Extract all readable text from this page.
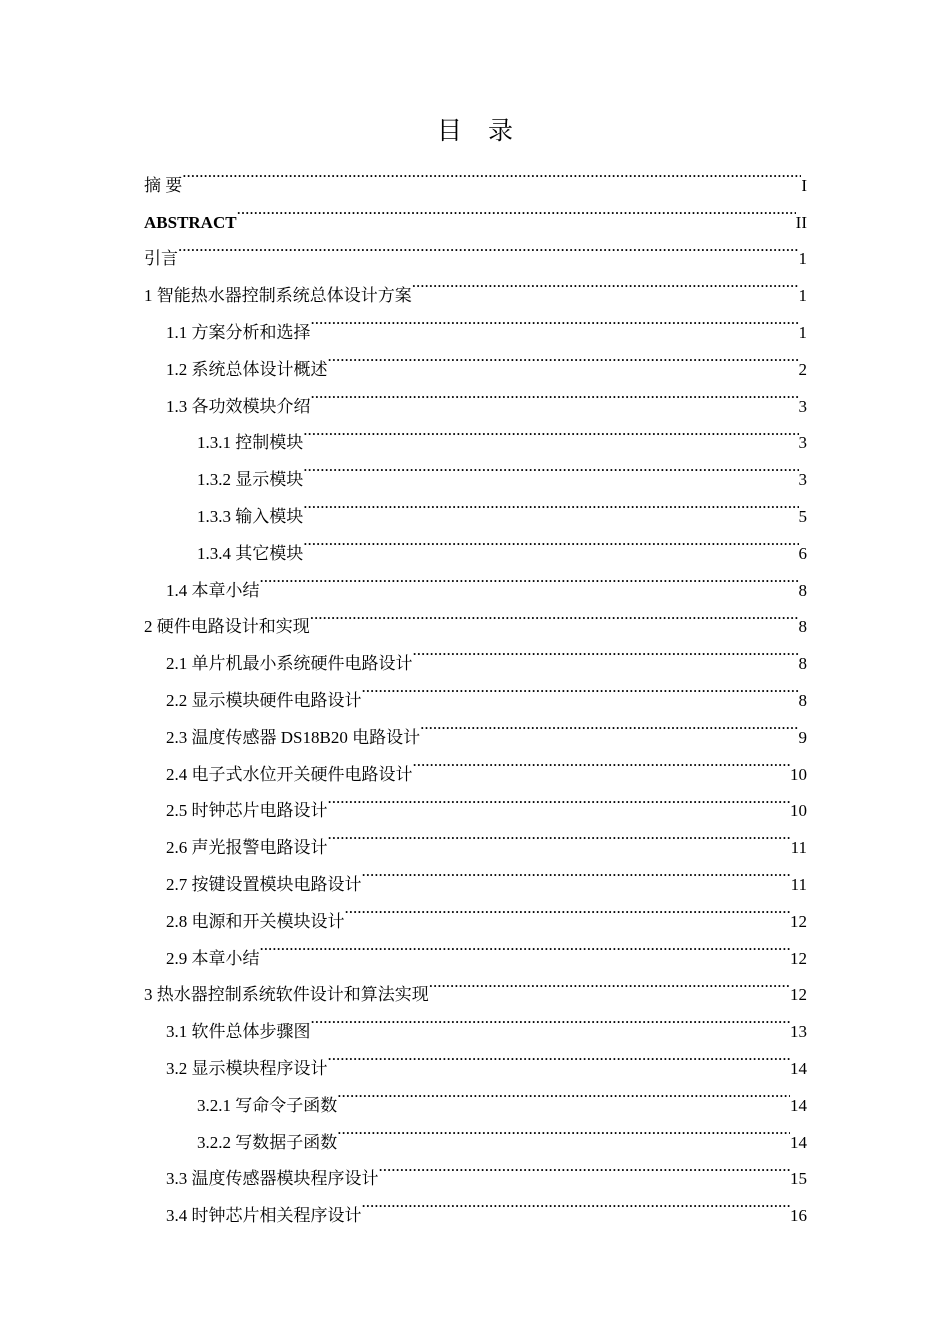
目录
摘 要 .....	I
ABSTRACT .....	II
引言 .....	1
1 智能热水器控制系统总体设计方案 .....	1
1.1 方案分析和选择 .....	1
1.2 系统总体设计概述 .....	2
1.3 各功效模块介绍 .....	3
1.3.1 控制模块 .....	3
1.3.2 显示模块 .....	3
1.3.3 输入模块 .....	5
1.3.4 其它模块 .....	6
1.4 本章小结 .....	8
2 硬件电路设计和实现 .....	8
2.1 单片机最小系统硬件电路设计 .....	8
2.2 显示模块硬件电路设计 .....	8
2.3 温度传感器 DS18B20 电路设计 .....	9
2.4 电子式水位开关硬件电路设计 .....	10
2.5 时钟芯片电路设计 .....	10
2.6 声光报警电路设计 .....	11
2.7 按键设置模块电路设计 .....	11
2.8 电源和开关模块设计 .....	12
2.9 本章小结 .....	12
3 热水器控制系统软件设计和算法实现 .....	12
3.1 软件总体步骤图 .....	13
3.2 显示模块程序设计 .....	14
3.2.1 写命令子函数 .....	14
3.2.2 写数据子函数 .....	14
3.3 温度传感器模块程序设计 .....	15
3.4 时钟芯片相关程序设计 .....	16
